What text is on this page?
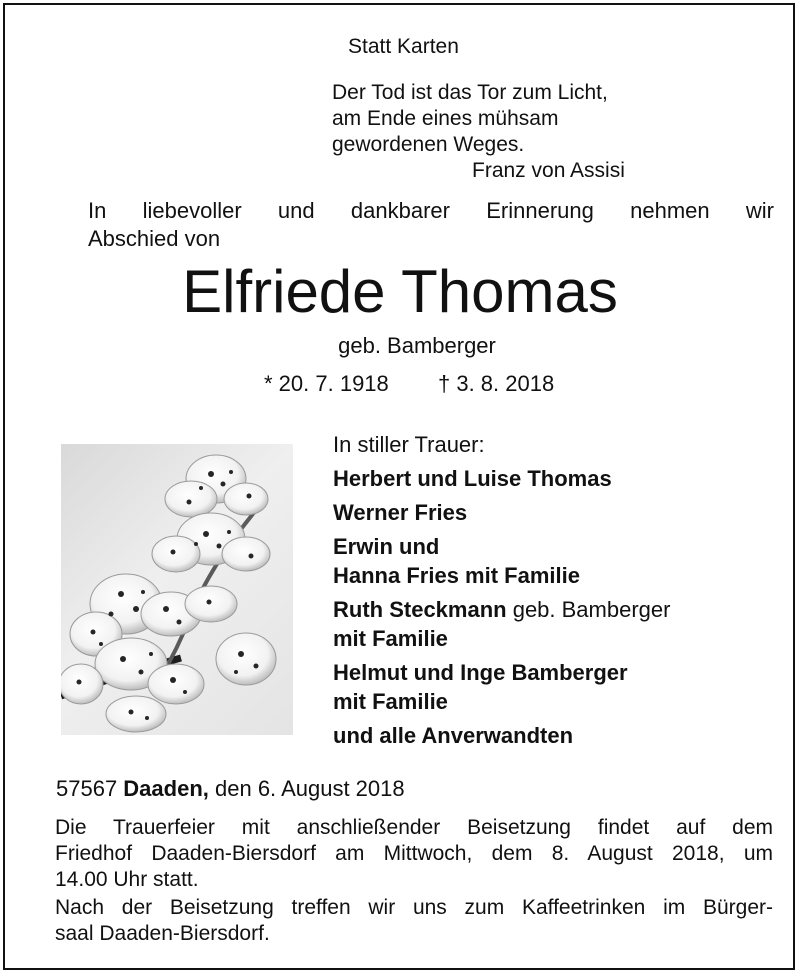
Statt Karten
Der Tod ist das Tor zum Licht,
am Ende eines mühsam
gewordenen Weges.
Franz von Assisi
In liebevoller und dankbarer Erinnerung nehmen wir
Abschied von
Elfriede Thomas
geb. Bamberger
* 20. 7. 1918 † 3. 8. 2018
In stiller Trauer:
Herbert und Luise Thomas
Werner Fries
Erwin und
Hanna Fries mit Familie
Ruth Steckmann geb. Bamberger
mit Familie
Helmut und Inge Bamberger
mit Familie
und alle Anverwandten
57567 Daaden, den 6. August 2018
Die Trauerfeier mit anschließender Beisetzung findet auf dem
Friedhof Daaden-Biersdorf am Mittwoch, dem 8. August 2018, um
14.00 Uhr statt.
Nach der Beisetzung treffen wir uns zum Kaffeetrinken im Bürger-
saal Daaden-Biersdorf.
